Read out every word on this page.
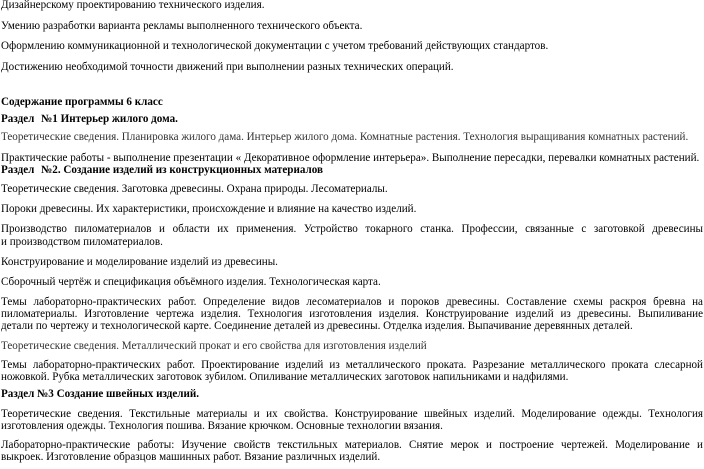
Дизайнерскому проектированию технического изделия.

Умению разработки варианта рекламы выполненного технического объекта.

Оформлению коммуникационной и технологической документации с учетом требований действующих стандартов.

Достижению необходимой точности движений при выполнении разных технических операций.

Содержание программы 6 класс

Раздел №1 Интерьер жилого дома.

Теоретические сведения. Планировка жилого дама. Интерьер жилого дома. Комнатные растения. Технология выращивания комнатных растений.

Практические работы - выполнение презентации « Декоративное оформление интерьера». Выполнение пересадки, перевалки комнатных растений.

Раздел №2. Создание изделий из конструкционных материалов

Теоретические сведения. Заготовка древесины. Охрана природы. Лесоматериалы.

Пороки древесины. Их характеристики, происхождение и влияние на качество изделий.

Производство пиломатериалов и области их применения. Устройство токарного станка. Профессии, связанные с заготовкой древесины

и производством пиломатериалов.

Конструирование и моделирование изделий из древесины.

Сборочный чертёж и спецификация объёмного изделия. Технологическая карта.

Темы лабораторно-практических работ. Определение видов лесоматериалов и пороков древесины. Составление схемы раскроя бревна на

пиломатериалы. Изготовление чертежа изделия. Технология изготовления изделия. Конструирование изделий из древесины. Выпиливание

детали по чертежу и технологической карте. Соединение деталей из древесины. Отделка изделия. Выпачивание деревянных деталей.

Теоретические сведения. Металлический прокат и его свойства для изготовления изделий

Темы лабораторно-практических работ. Проектирование изделий из металлического проката. Разрезание металлического проката слесарной

ножовкой. Рубка металлических заготовок зубилом. Опиливание металлических заготовок напильниками и надфилями.

Раздел №3 Создание швейных изделий.

Теоретические сведения. Текстильные материалы и их свойства. Конструирование швейных изделий. Моделирование одежды. Технология

изготовления одежды. Технология пошива. Вязание крючком. Основные технологии вязания.

Лабораторно-практические работы: Изучение свойств текстильных материалов. Снятие мерок и построение чертежей. Моделирование и

выкроек. Изготовление образцов машинных работ. Вязание различных изделий.
